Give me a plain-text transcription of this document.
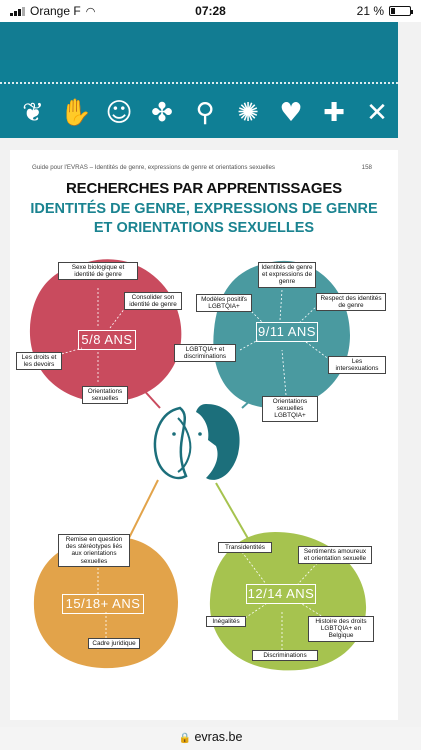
Orange F ◠	07:28	21 %
❦ ✋ ☺ ✤ ⚲ ✺ ♥ ✚ ✕
Guide pour l'EVRAS – Identités de genre, expressions de genre et orientations sexuelles	158
RECHERCHES PAR APPRENTISSAGES
IDENTITÉS DE GENRE, EXPRESSIONS DE GENRE
ET ORIENTATIONS SEXUELLES
5/8 ANS
9/11 ANS
15/18+ ANS
12/14 ANS
Sexe biologique et identité de genre
Consolider son identité de genre
Les droits et les devoirs
Orientations sexuelles
Identités de genre et expressions de genre
Modèles positifs LGBTQIA+
Respect des identités de genre
LGBTQIA+ et discriminations
Les intersexuations
Orientations sexuelles LGBTQIA+
Remise en question des stéréotypes liés aux orientations sexuelles
Cadre juridique
Transidentités
Sentiments amoureux et orientation sexuelle
Inégalités	Histoire des droits LGBTQIA+ en Belgique
Discriminations
$_🔒$ evras.be
